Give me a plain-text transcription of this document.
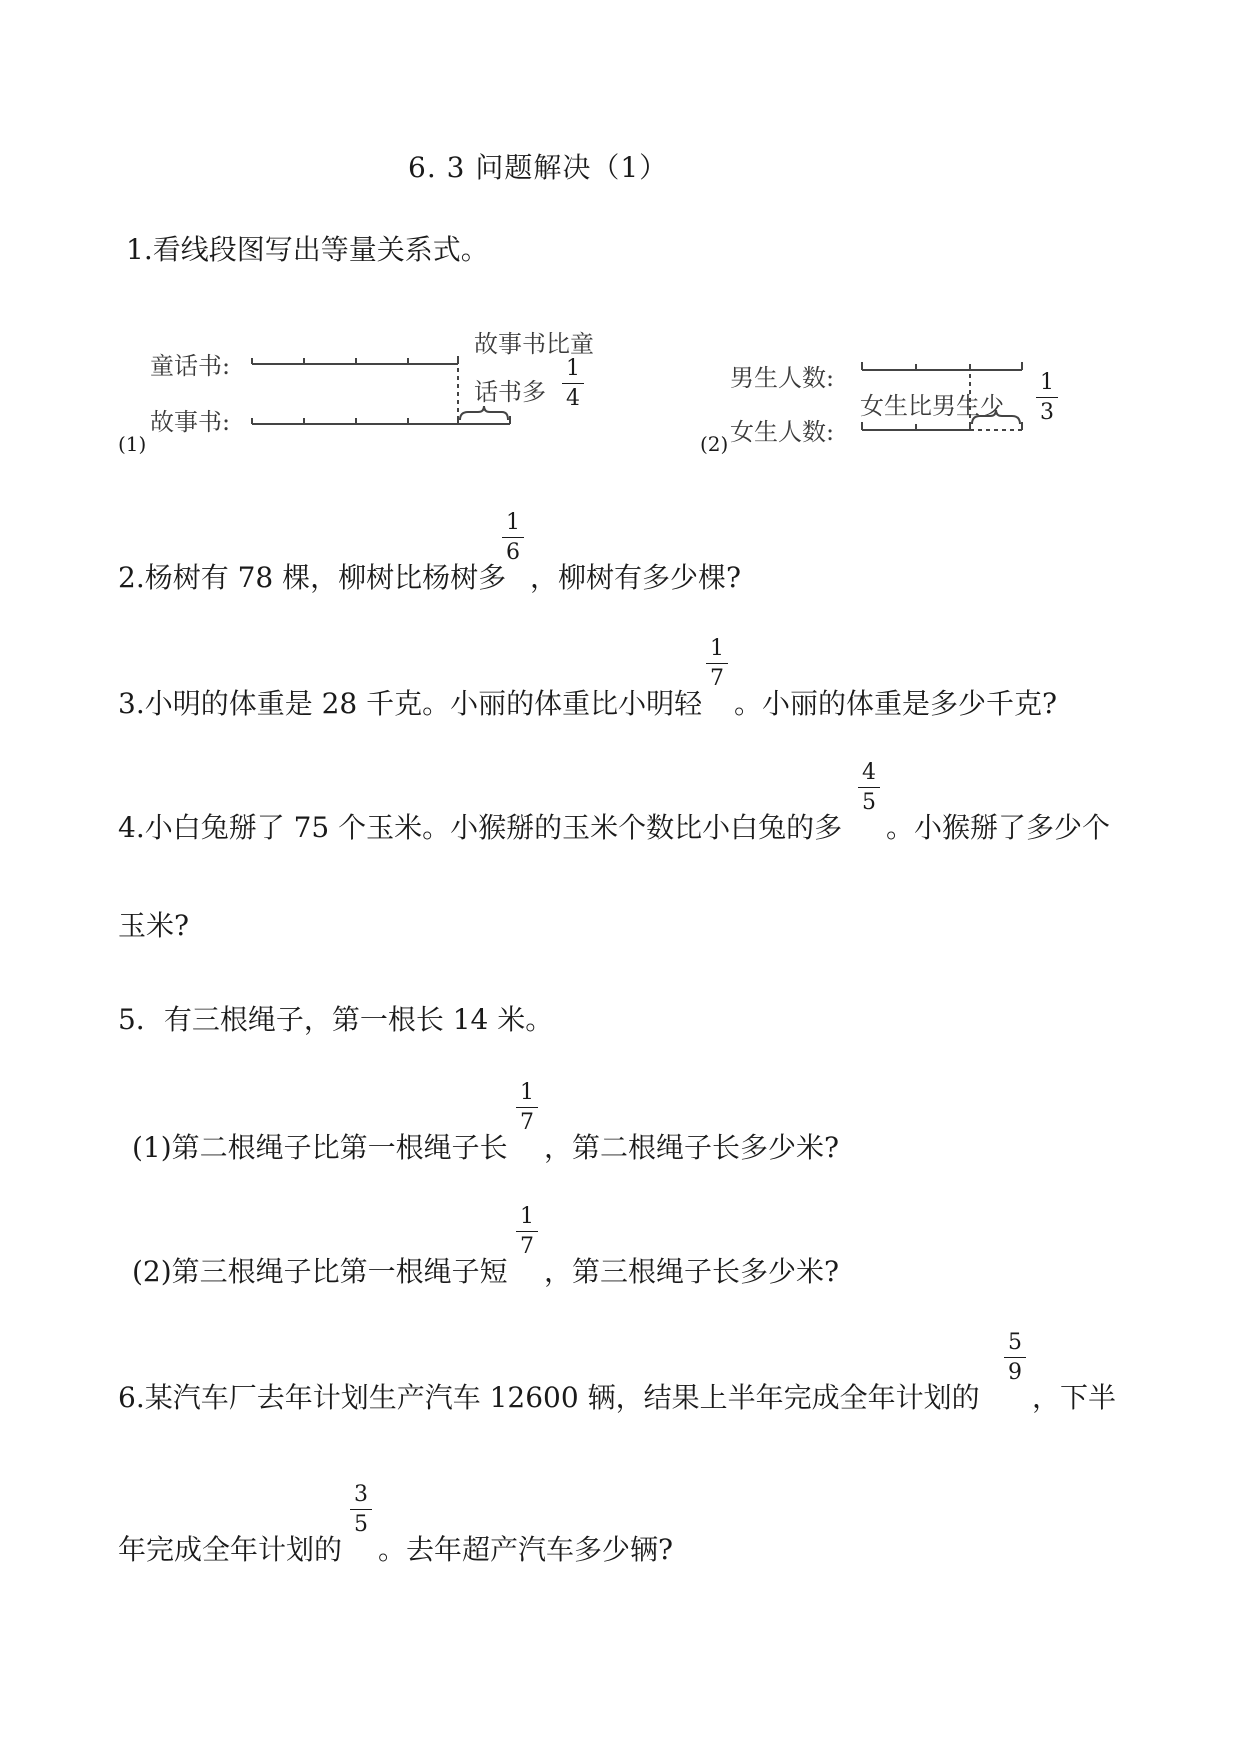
6. 3 问题解决（1）
1.看线段图写出等量关系式。
童话书:
故事书:
故事书比童
话书多
1
4
(1)
男生人数:
女生人数:
女生比男生少
1
3
(2)
2.杨树有 78 棵，柳树比杨树多
1
6
，柳树有多少棵?
3.小明的体重是 28 千克。小丽的体重比小明轻
1
7
。小丽的体重是多少千克?
4.小白兔掰了 75 个玉米。小猴掰的玉米个数比小白兔的多
4
5
。小猴掰了多少个
玉米?
5．有三根绳子，第一根长 14 米。
(1)第二根绳子比第一根绳子长
1
7
，第二根绳子长多少米?
(2)第三根绳子比第一根绳子短
1
7
，第三根绳子长多少米?
6.某汽车厂去年计划生产汽车 12600 辆，结果上半年完成全年计划的
5
9
，下半
年完成全年计划的
3
5
。去年超产汽车多少辆?
